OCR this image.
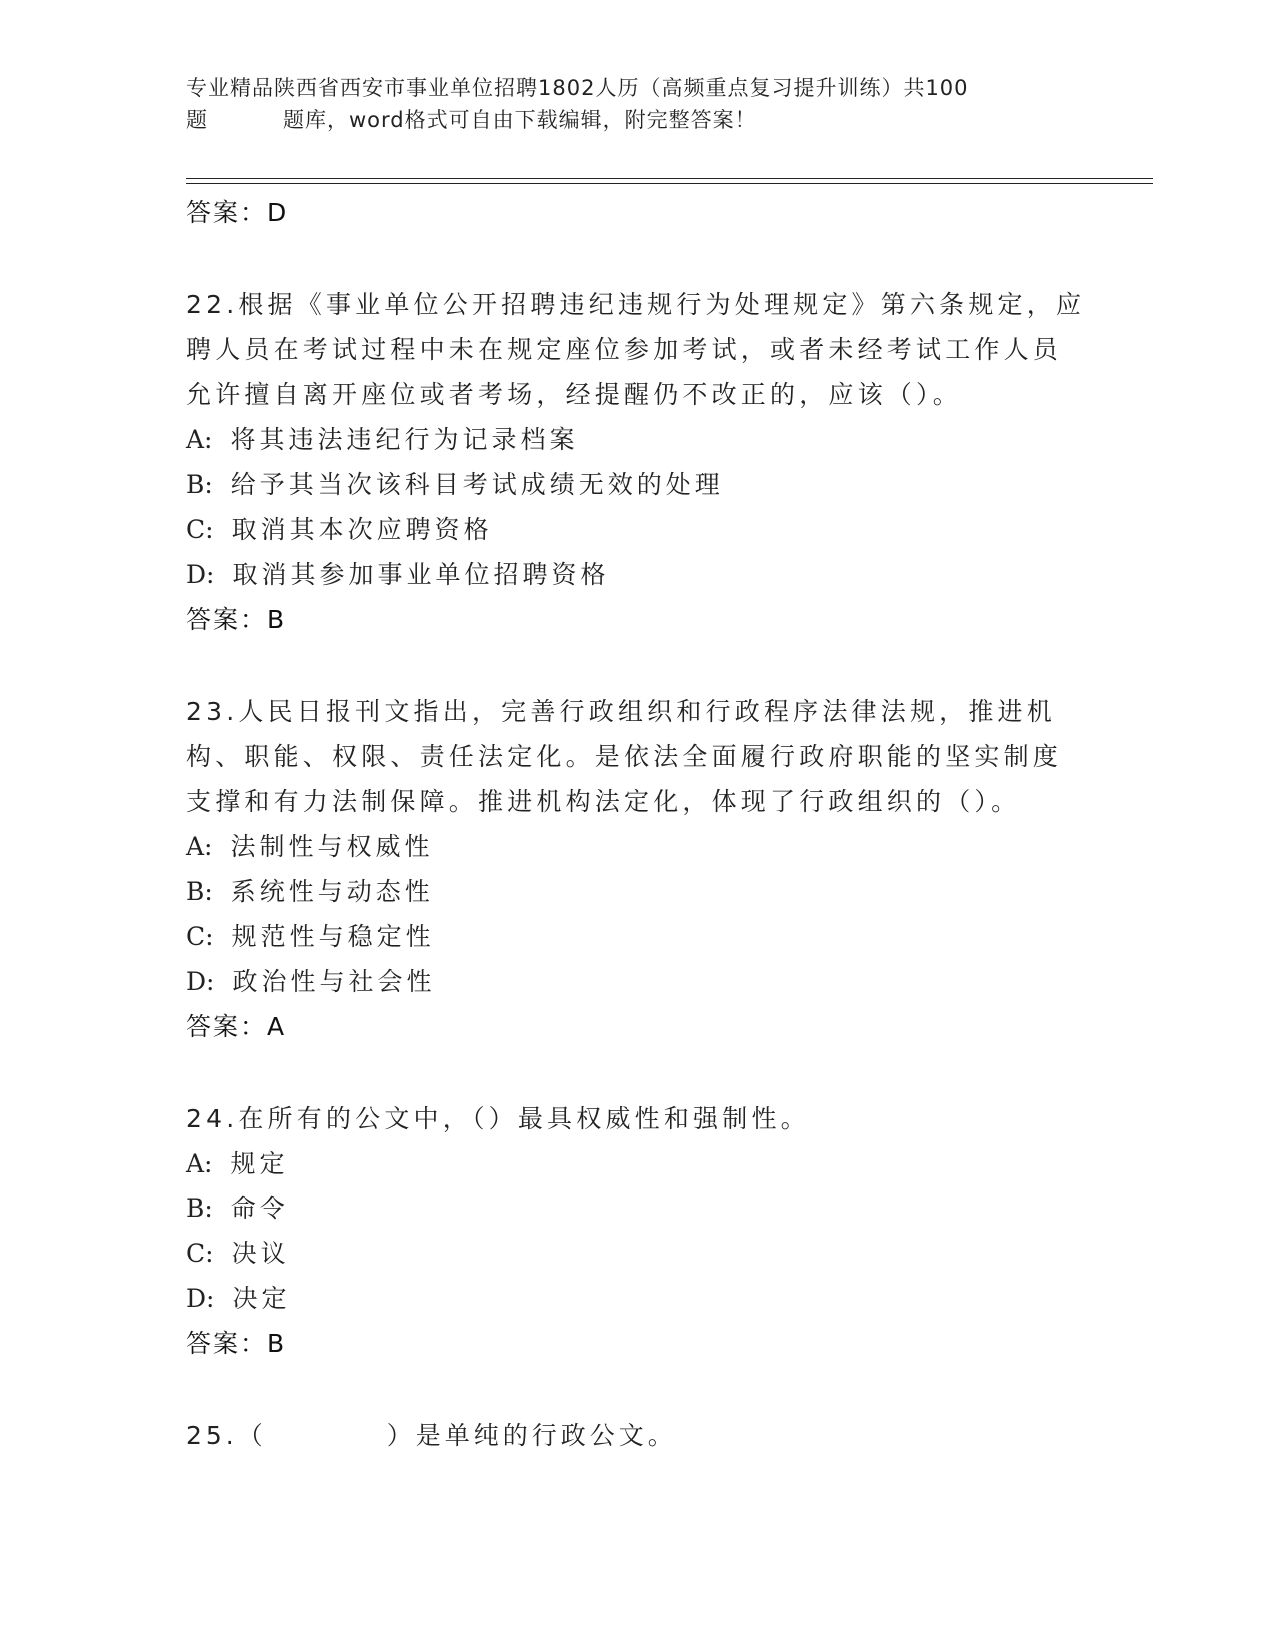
专业精品陕西省西安市事业单位招聘1802人历（高频重点复习提升训练）共100
题	题库，word格式可自由下载编辑，附完整答案！
答案：D

22.根据《事业单位公开招聘违纪违规行为处理规定》第六条规定，应聘人员在考试过程中未在规定座位参加考试，或者未经考试工作人员允许擅自离开座位或者考场，经提醒仍不改正的，应该（）。

A: 将其违法违纪行为记录档案
B: 给予其当次该科目考试成绩无效的处理
C: 取消其本次应聘资格
D: 取消其参加事业单位招聘资格
答案：B

23.人民日报刊文指出，完善行政组织和行政程序法律法规，推进机构、职能、权限、责任法定化。是依法全面履行政府职能的坚实制度支撑和有力法制保障。推进机构法定化，体现了行政组织的（）。

A: 法制性与权威性
B: 系统性与动态性
C: 规范性与稳定性
D: 政治性与社会性
答案：A

24.在所有的公文中，（）最具权威性和强制性。

A: 规定
B: 命令
C: 决议
D: 决定
答案：B
25.（	）是单纯的行政公文。
